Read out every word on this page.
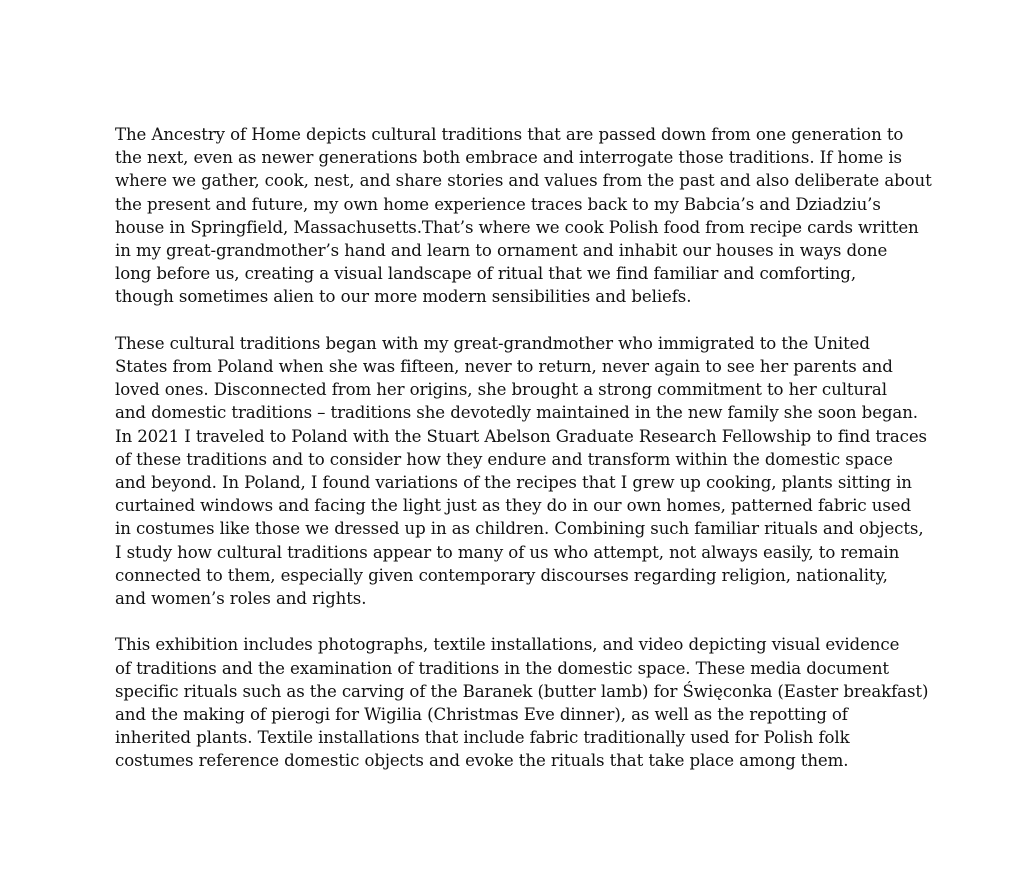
The Ancestry of Home depicts cultural traditions that are passed down from one generation to
the next, even as newer generations both embrace and interrogate those traditions. If home is
where we gather, cook, nest, and share stories and values from the past and also deliberate about
the present and future, my own home experience traces back to my Babcia’s and Dziadziu’s
house in Springfield, Massachusetts.That’s where we cook Polish food from recipe cards written
in my great-grandmother’s hand and learn to ornament and inhabit our houses in ways done
long before us, creating a visual landscape of ritual that we find familiar and comforting,
though sometimes alien to our more modern sensibilities and beliefs.

These cultural traditions began with my great-grandmother who immigrated to the United
States from Poland when she was fifteen, never to return, never again to see her parents and
loved ones. Disconnected from her origins, she brought a strong commitment to her cultural
and domestic traditions – traditions she devotedly maintained in the new family she soon began.
In 2021 I traveled to Poland with the Stuart Abelson Graduate Research Fellowship to find traces
of these traditions and to consider how they endure and transform within the domestic space
and beyond. In Poland, I found variations of the recipes that I grew up cooking, plants sitting in
curtained windows and facing the light just as they do in our own homes, patterned fabric used
in costumes like those we dressed up in as children. Combining such familiar rituals and objects,
I study how cultural traditions appear to many of us who attempt, not always easily, to remain
connected to them, especially given contemporary discourses regarding religion, nationality,
and women’s roles and rights.

This exhibition includes photographs, textile installations, and video depicting visual evidence
of traditions and the examination of traditions in the domestic space. These media document
specific rituals such as the carving of the Baranek (butter lamb) for Święconka (Easter breakfast)
and the making of pierogi for Wigilia (Christmas Eve dinner), as well as the repotting of
inherited plants. Textile installations that include fabric traditionally used for Polish folk
costumes reference domestic objects and evoke the rituals that take place among them.
